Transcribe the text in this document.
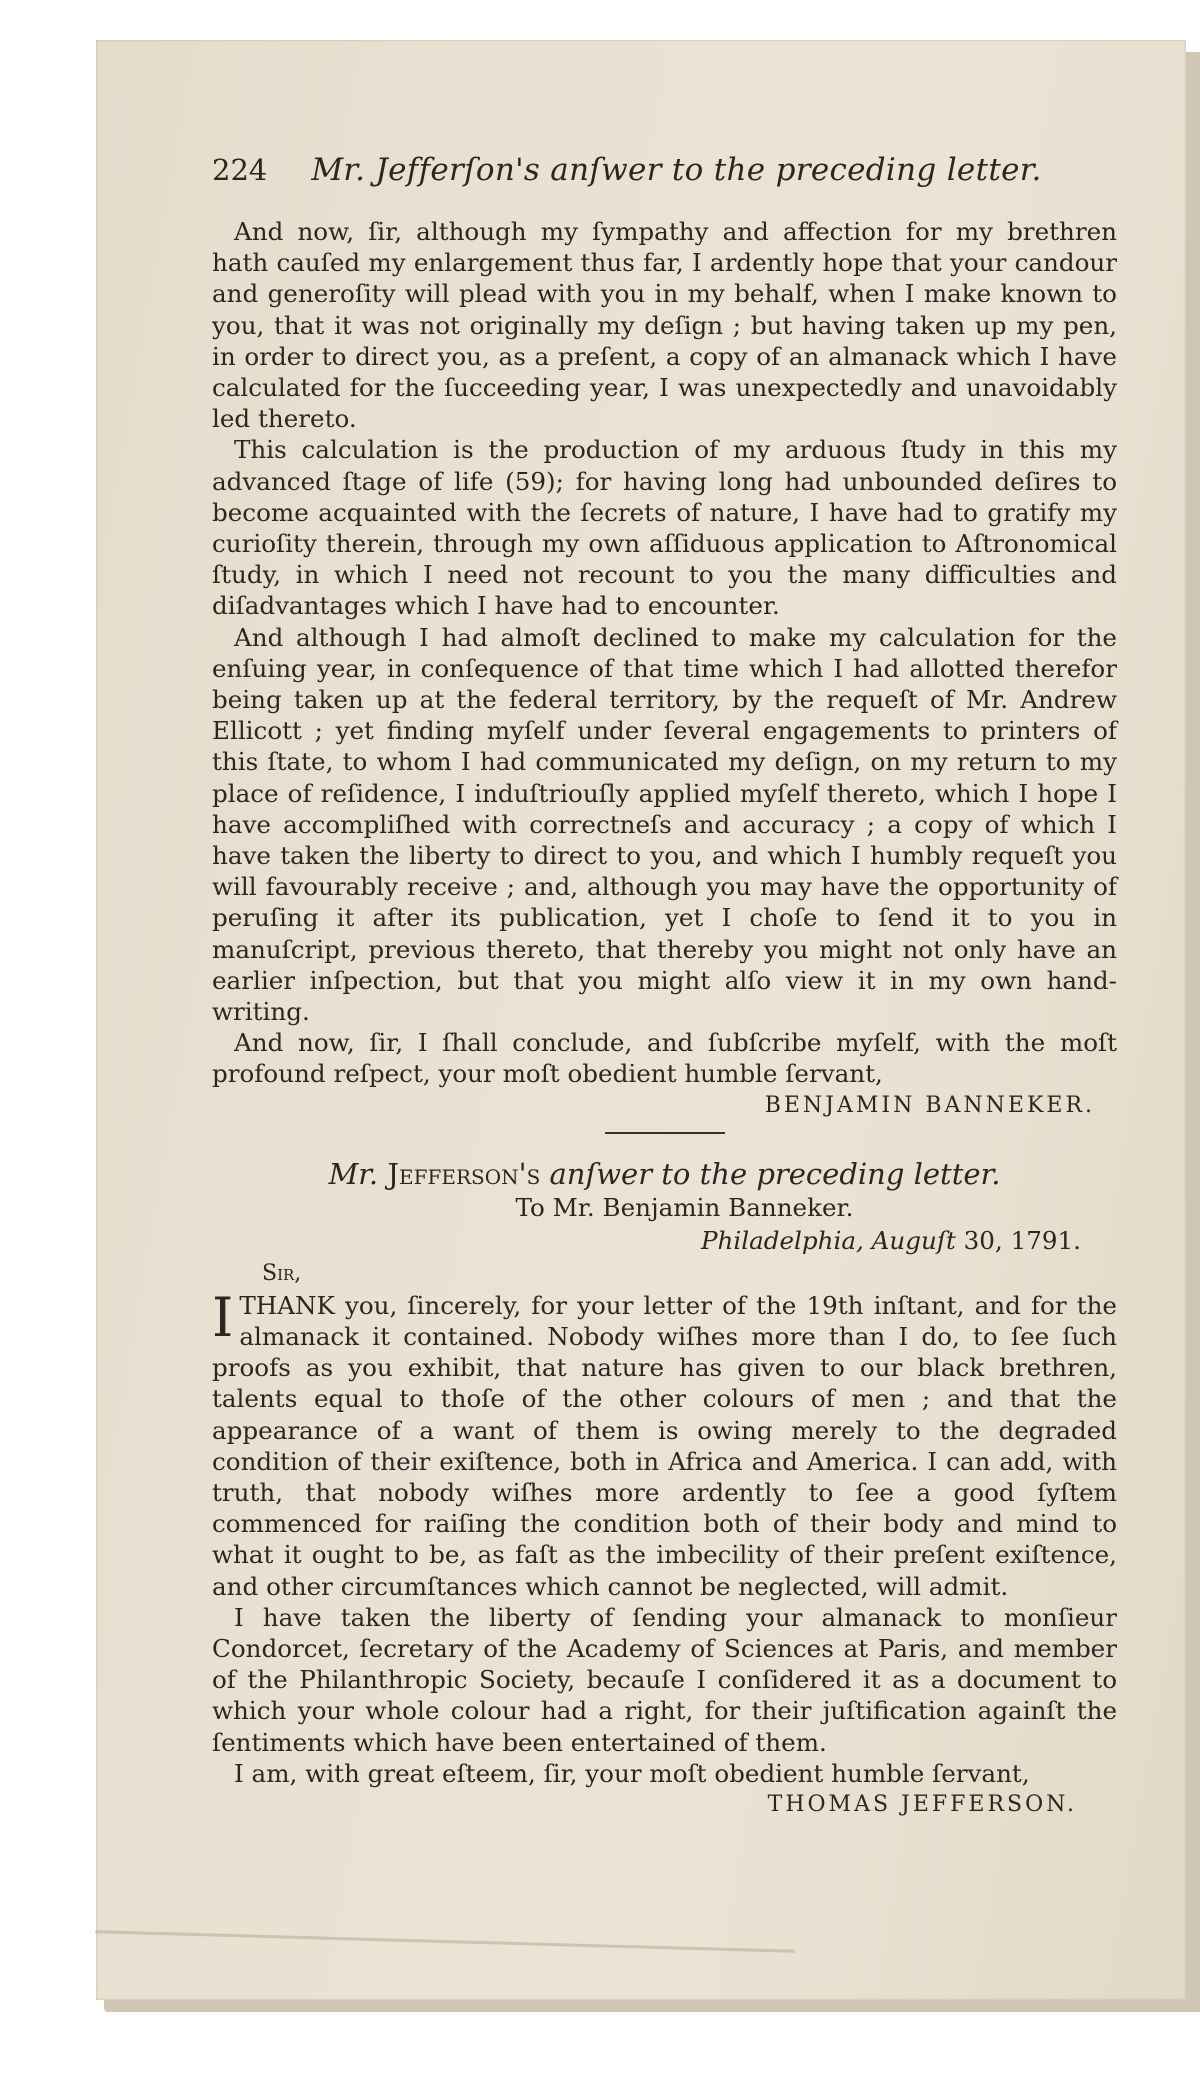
224 Mr. Jefferſon's anſwer to the preceding letter.

And now, ſir, although my ſympathy and affection for my brethren hath cauſed my enlargement thus far, I ardently hope that your candour and generoſity will plead with you in my behalf, when I make known to you, that it was not originally my deſign ; but having taken up my pen, in order to direct you, as a preſent, a copy of an almanack which I have calculated for the ſucceeding year, I was unexpectedly and unavoidably led thereto.

This calculation is the production of my arduous ſtudy in this my advanced ſtage of life (59); for having long had unbounded deſires to become acquainted with the ſecrets of nature, I have had to gratify my curioſity therein, through my own aſſiduous application to Aſtronomical ſtudy, in which I need not recount to you the many difficulties and diſadvantages which I have had to encounter.

And although I had almoſt declined to make my calculation for the enſuing year, in conſequence of that time which I had allotted therefor being taken up at the federal territory, by the requeſt of Mr. Andrew Ellicott ; yet finding myſelf under ſeveral engagements to printers of this ſtate, to whom I had communicated my deſign, on my return to my place of reſidence, I induſtriouſly applied myſelf thereto, which I hope I have accompliſhed with correctneſs and accuracy ; a copy of which I have taken the liberty to direct to you, and which I humbly requeſt you will favourably receive ; and, although you may have the opportunity of peruſing it after its publication, yet I choſe to ſend it to you in manuſcript, previous thereto, that thereby you might not only have an earlier inſpection, but that you might alſo view it in my own hand-writing.

And now, ſir, I ſhall conclude, and ſubſcribe myſelf, with the moſt profound reſpect, your moſt obedient humble ſervant,

BENJAMIN BANNEKER.
Mr. Jefferson's anſwer to the preceding letter.
To Mr. Benjamin Banneker.
Philadelphia, Auguſt 30, 1791.
Sir,

I THANK you, ſincerely, for your letter of the 19th inſtant, and for the almanack it contained. Nobody wiſhes more than I do, to ſee ſuch proofs as you exhibit, that nature has given to our black brethren, talents equal to thoſe of the other colours of men ; and that the appearance of a want of them is owing merely to the degraded condition of their exiſtence, both in Africa and America. I can add, with truth, that nobody wiſhes more ardently to ſee a good ſyſtem commenced for raiſing the condition both of their body and mind to what it ought to be, as faſt as the imbecility of their preſent exiſtence, and other circumſtances which cannot be neglected, will admit.

I have taken the liberty of ſending your almanack to monſieur Condorcet, ſecretary of the Academy of Sciences at Paris, and member of the Philanthropic Society, becauſe I conſidered it as a document to which your whole colour had a right, for their juſtification againſt the ſentiments which have been entertained of them.

I am, with great eſteem, ſir, your moſt obedient humble ſervant,
THOMAS JEFFERSON.
